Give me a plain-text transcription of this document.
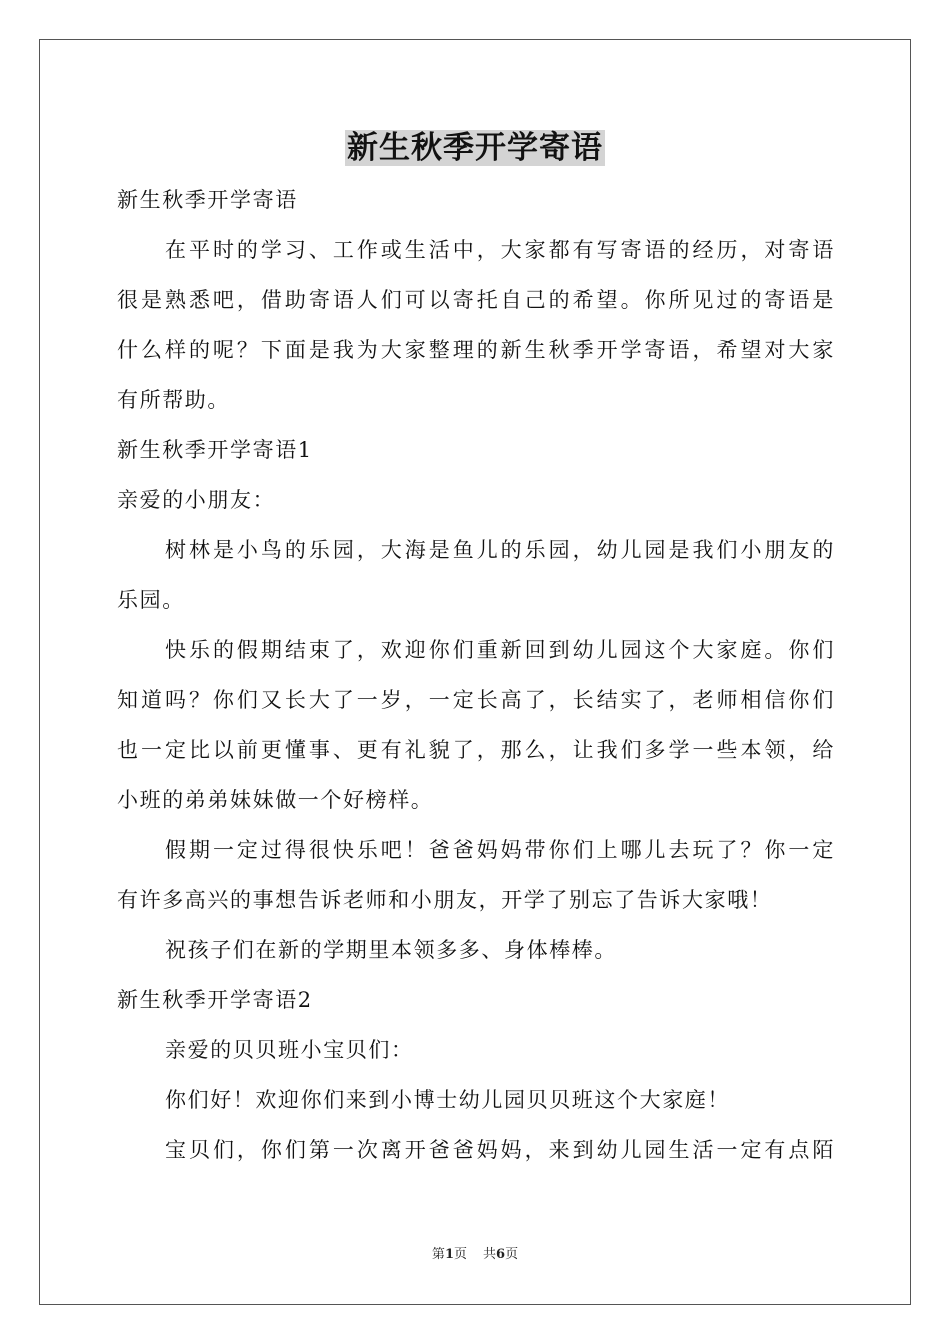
新生秋季开学寄语
新生秋季开学寄语
在平时的学习、工作或生活中，大家都有写寄语的经历，对寄语
很是熟悉吧，借助寄语人们可以寄托自己的希望。你所见过的寄语是
什么样的呢？下面是我为大家整理的新生秋季开学寄语，希望对大家
有所帮助。
新生秋季开学寄语1
亲爱的小朋友：
树林是小鸟的乐园，大海是鱼儿的乐园，幼儿园是我们小朋友的
乐园。
快乐的假期结束了，欢迎你们重新回到幼儿园这个大家庭。你们
知道吗？你们又长大了一岁，一定长高了，长结实了，老师相信你们
也一定比以前更懂事、更有礼貌了，那么，让我们多学一些本领，给
小班的弟弟妹妹做一个好榜样。
假期一定过得很快乐吧！爸爸妈妈带你们上哪儿去玩了？你一定
有许多高兴的事想告诉老师和小朋友，开学了别忘了告诉大家哦！
祝孩子们在新的学期里本领多多、身体棒棒。
新生秋季开学寄语2
亲爱的贝贝班小宝贝们：
你们好！欢迎你们来到小博士幼儿园贝贝班这个大家庭！
宝贝们，你们第一次离开爸爸妈妈，来到幼儿园生活一定有点陌
第1页 共6页
